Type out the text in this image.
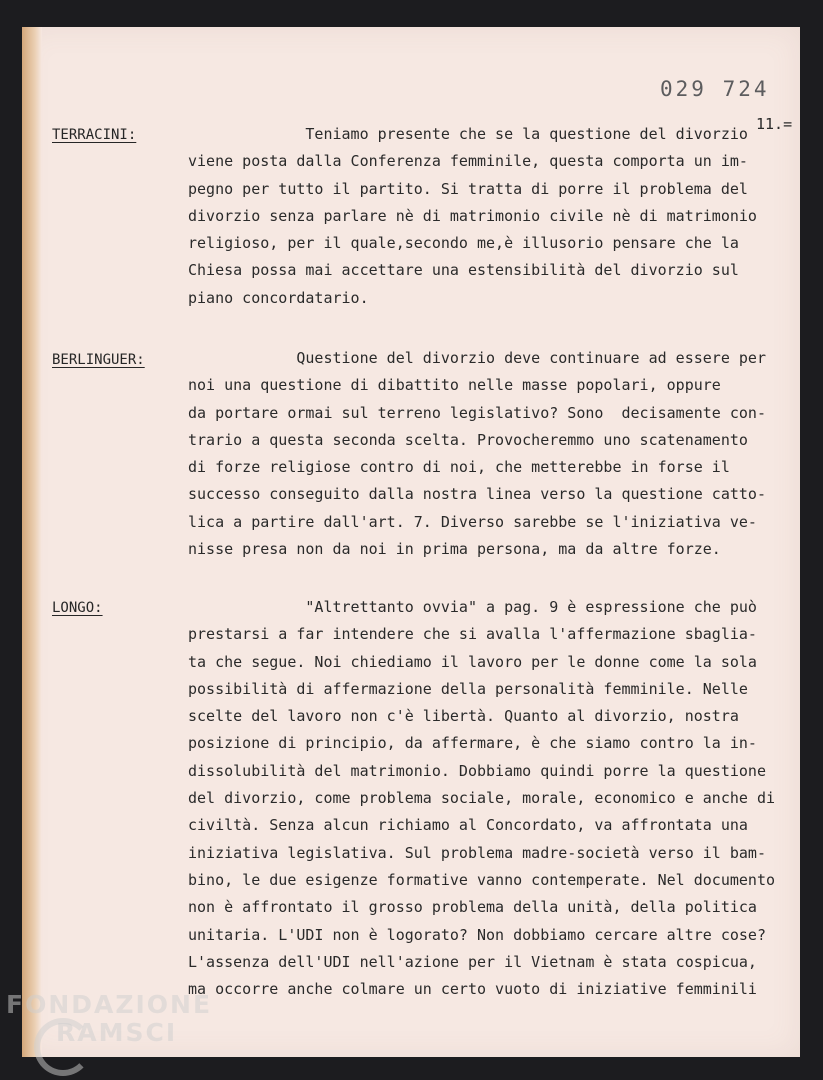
029 724
11.=
TERRACINI:	Teniamo presente che se la questione del divorzio
viene posta dalla Conferenza femminile, questa comporta un im-
pegno per tutto il partito. Si tratta di porre il problema del
divorzio senza parlare nè di matrimonio civile nè di matrimonio
religioso, per il quale,secondo me,è illusorio pensare che la
Chiesa possa mai accettare una estensibilità del divorzio sul
piano concordatario.
BERLINGUER:	Questione del divorzio deve continuare ad essere per
noi una questione di dibattito nelle masse popolari, oppure
da portare ormai sul terreno legislativo? Sono  decisamente con-
trario a questa seconda scelta. Provocheremmo uno scatenamento
di forze religiose contro di noi, che metterebbe in forse il
successo conseguito dalla nostra linea verso la questione catto-
lica a partire dall'art. 7. Diverso sarebbe se l'iniziativa ve-
nisse presa non da noi in prima persona, ma da altre forze.
LONGO:	"Altrettanto ovvia" a pag. 9 è espressione che può
prestarsi a far intendere che si avalla l'affermazione sbaglia-
ta che segue. Noi chiediamo il lavoro per le donne come la sola
possibilità di affermazione della personalità femminile. Nelle
scelte del lavoro non c'è libertà. Quanto al divorzio, nostra
posizione di principio, da affermare, è che siamo contro la in-
dissolubilità del matrimonio. Dobbiamo quindi porre la questione
del divorzio, come problema sociale, morale, economico e anche di
civiltà. Senza alcun richiamo al Concordato, va affrontata una
iniziativa legislativa. Sul problema madre-società verso il bam-
bino, le due esigenze formative vanno contemperate. Nel documento
non è affrontato il grosso problema della unità, della politica
unitaria. L'UDI non è logorato? Non dobbiamo cercare altre cose?
L'assenza dell'UDI nell'azione per il Vietnam è stata cospicua,
ma occorre anche colmare un certo vuoto di iniziative femminili
FONDAZIONE
RAMSCI
